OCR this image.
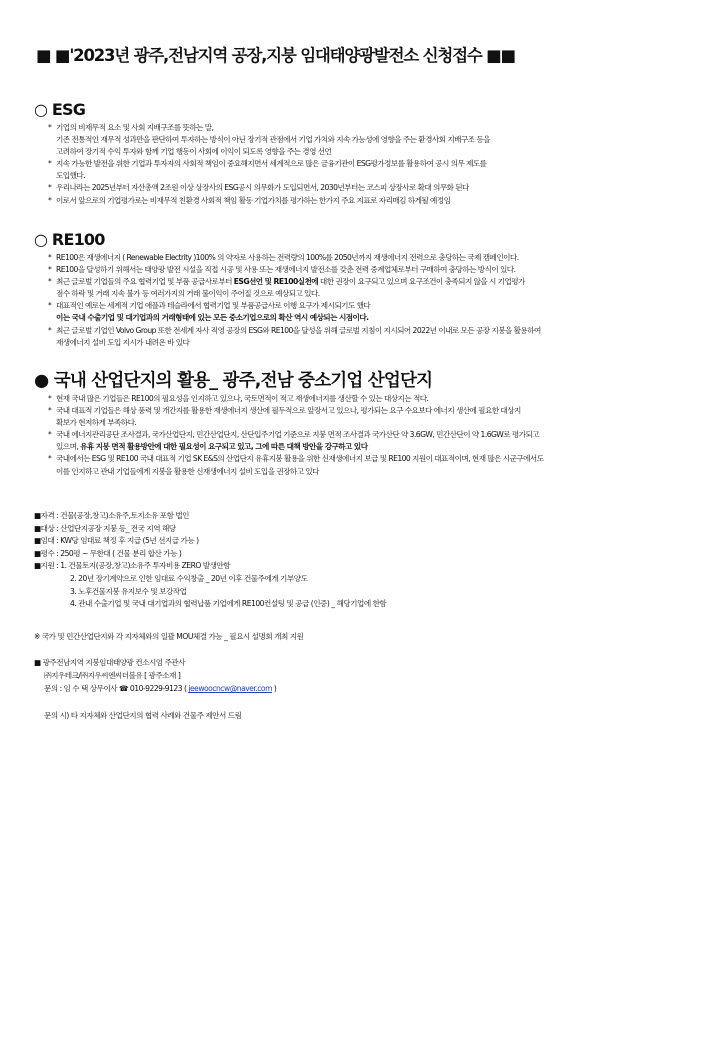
■ ■'2023년 광주,전남지역 공장,지붕 임대태양광발전소 신청접수 ■■
○ ESG
* 기업의 비재무적 요소 및 사회 지배구조를 뜻하는 말,
기존 전통적인 재무적 성과만을 판단하여 투자하는 방식이 아닌 장기적 관점에서 기업 가치와 지속 가능성에 영향을 주는 환경사회 지배구조 등을
고려하여 장기적 수익 투자와 함께 기업 행동이 사회에 이익이 되도록 영향을 주는 경영 선언
* 지속 가능한 발전을 위한 기업과 투자자의 사회적 책임이 중요해지면서 세계적으로 많은 금융기관이 ESG평가정보를 활용하여 공시 의무 제도를
도입했다.
* 우리나라는 2025년부터 자산총액 2조원 이상 상장사의 ESG공시 의무화가 도입되면서, 2030년부터는 코스피 상장사로 확대 의무화 된다
* 이로서 앞으로의 기업평가로는 비재무적 친환경 사회적 책임 활동 기업가치를 평가하는 한가지 주요 지표로 자리매김 하게될 예정임
○ RE100
* RE100은 재생에너지 ( Renewable Electrity )100% 의 약자로 사용하는 전력량의 100%를 2050년까지 재생에너지 전력으로 충당하는 국제 캠페인이다.
* RE100을 달성하기 위해서는 태양광 발전 시설을 직접 시공 및 사용 또는 재생에너지 발전소를 갖춘 전력 중계업체로부터 구매하여 충당하는 방식이 있다.
* 최근 글로벌 기업들의 주요 협력기업 및 부품 공급사로부터 ESG선언 및 RE100실천에 대한 권장이 요구되고 있으며 요구조건이 충족되지 않을 시 기업평가
점수 하락 및 거래 지속 불가 등 여러가지의 거래 불이익이 주어질 것으로 예상되고 있다.
* 대표적인 예로는 세계적 기업 애플과 테슬라에서 협력기업 및 부품공급사로 이행 요구가 제시되기도 했다
이는 국내 수출기업 및 대기업과의 거래형태에 있는 모든 중소기업으로의 확산 역시 예상되는 시점이다.
* 최근 글로벌 기업인 Volvo Group 또한 전세계 자사 직영 공장의 ESG와 RE100을 달성을 위해 글로벌 지침이 지시되어 2022년 이내로 모든 공장 지붕을 활용하여
재생에너지 설비 도입 지시가 내려온 바 있다
● 국내 산업단지의 활용_ 광주,전남 중소기업 산업단지
* 현재 국내 많은 기업들은 RE100의 필요성을 인지하고 있으나, 국토면적이 적고 재생에너지를 생산할 수 있는 대상지는 적다.
* 국내 대표적 기업들은 해상 풍력 및 개간지를 활용한 재생에너지 생산에 필두적으로 앞장서고 있으나, 평가되는 요구 수요보다 에너지 생산에 필요한 대상지
확보가 현저하게 부족하다.
* 국내 에너지관리공단 조사결과, 국가산업단지, 민간산업단지, 산단입주기업 기준으로 지붕 면적 조사결과 국가산단 약 3.6GW, 민간산단이 약 1.6GW로 평가되고
있으며, 유휴 지붕 면적 활용방안에 대한 필요성이 요구되고 있고, 그에 따른 대책 방안을 강구하고 있다
* 국내에서는 ESG 및 RE100 국내 대표적 기업 SK E&S의 산업단지 유휴지붕 활용을 위한 신재생에너지 보급 및 RE100 지원이 대표적이며, 현재 많은 시군구에서도
이를 인지하고 관내 기업들에게 지붕을 활용한 신재생에너지 설비 도입을 권장하고 있다
■자격 : 건물(공장,창고)소유주,토지소유 포함 법인
■대상 : 산업단지공장 지붕 등_ 전국 지역 해당
■임대 : KW당 임대료 책정 후 지급 (5년 선지급 가능 )
■평수 : 250평 ~ 무한대 ( 건물 분리 합산 가능 )
■지원 : 1. 건물토지(공장,창고)소유주 투자비용 ZERO 발생안함
2. 20년 장기계약으로 인한 임대료 수익창출 _ 20년 이후 건물주에게 기부양도
3. 노후건물지붕 유지보수 및 보강작업
4. 관내 수출기업 및 국내 대기업과의 협력납품 기업에게 RE100컨설팅 및 공급 (인증) _ 해당기업에 한함
※ 국가 및 민간산업단지와 각 지자체와의 일괄 MOU체결 가능 _ 필요시 설명회 개최 지원
■ 광주전남지역 지붕임대태양광 컨소시엄 주관사
㈜지우테크/㈜지우씨엔씨더블유 [ 광주소재 ]
문의 : 임 수 택 상무이사 ☎ 010-9229-9123 ( jeewoocncw@naver.com )
문의 시) 타 지자체와 산업단지의 협력 사례와 건물주 제안서 드림
